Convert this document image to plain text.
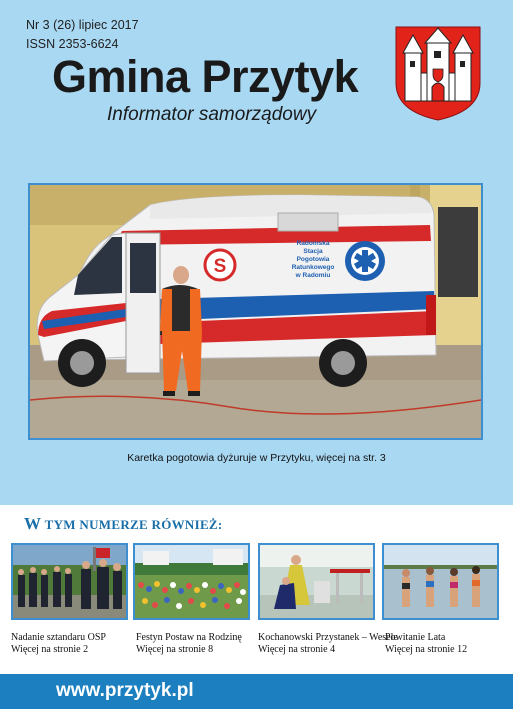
Nr 3 (26) lipiec 2017
ISSN 2353-6624
Gmina Przytyk
Informator samorządowy
S
Radomska
Stacja
Pogotowia
Ratunkowego
w Radomiu
Karetka pogotowia dyżuruje w Przytyku, więcej na str. 3
W TYM NUMERZE RÓWNIEŻ:
Nadanie sztandaru OSP
Więcej na stronie 2
Festyn Postaw na Rodzinę
Więcej na stronie 8
Kochanowski Przystanek – Wesele
Więcej na stronie 4
Powitanie Lata
Więcej na stronie 12
www.przytyk.pl
